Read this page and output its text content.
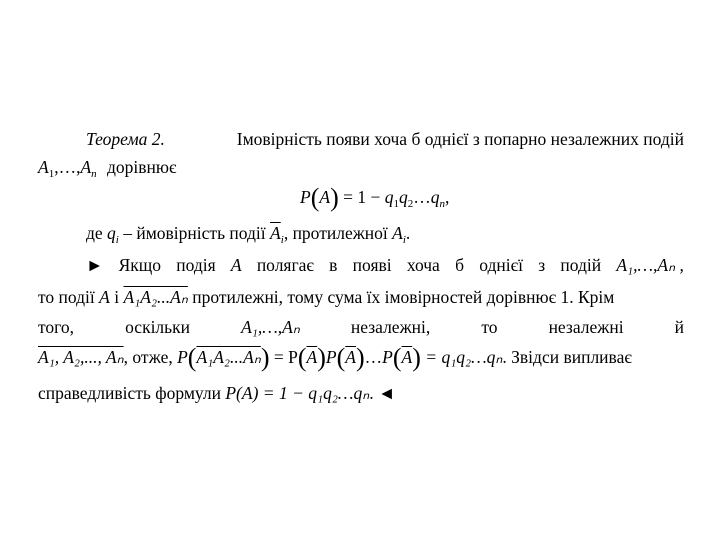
Теорема 2.	Імовірність появи хоча б однієї з попарно незалежних подій
$A_1,\dots,A_n$ дорівнює
$P(A) = 1 - q_1q_2\dots q_n$,
де $q_i$ – ймовірність події $\overline{A}_i$, протилежної $A_i$.
► Якщо подія A полягає в появі хоча б однієї з подій A₁,…,Aₙ ,
то події A і A₁A₂...Aₙ протилежні, тому сума їх імовірностей дорівнює 1. Крім
того,	оскільки	A₁,…,Aₙ	незалежні,	то	незалежні	й
A₁, A₂,..., Aₙ, отже, $P(A_1A_2...A_n) = P(\overline{A})P(\overline{A})\dots P(\overline{A})$ = q₁q₂…qₙ. Звідси випливає
справедливість формули P(A) = 1 − q₁q₂…qₙ. ◄
